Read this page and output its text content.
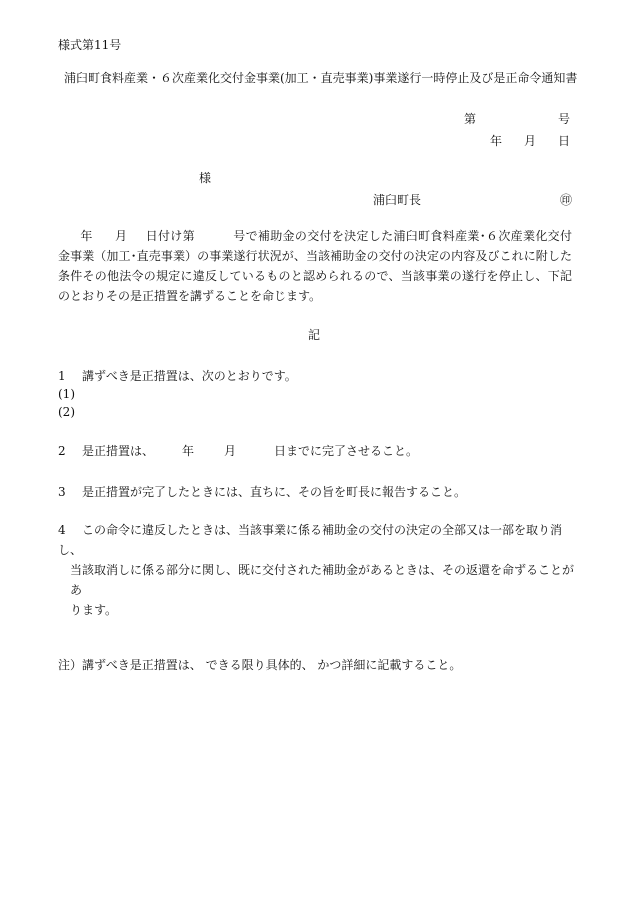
様式第11号
浦臼町食料産業・６次産業化交付金事業(加工・直売事業)事業遂行一時停止及び是正命令通知書
第	号
年 月 日
様
浦臼町長	㊞
年 月 日付け第	号で補助金の交付を決定した浦臼町食料産業･６次産業化交付金事業（加工･直売事業）の事業遂行状況が、当該補助金の交付の決定の内容及びこれに附した条件その他法令の規定に違反しているものと認められるので、当該事業の遂行を停止し、下記のとおりその是正措置を講ずることを命じます。
記
1 講ずべき是正措置は、次のとおりです。
(1)
(2)
2 是正措置は、 年	月	日までに完了させること。
3 是正措置が完了したときには、直ちに、その旨を町長に報告すること。
4 この命令に違反したときは、当該事業に係る補助金の交付の決定の全部又は一部を取り消し、
当該取消しに係る部分に関し、既に交付された補助金があるときは、その返還を命ずることがあ
ります。
注）講ずべき是正措置は、 できる限り具体的、 かつ詳細に記載すること。
